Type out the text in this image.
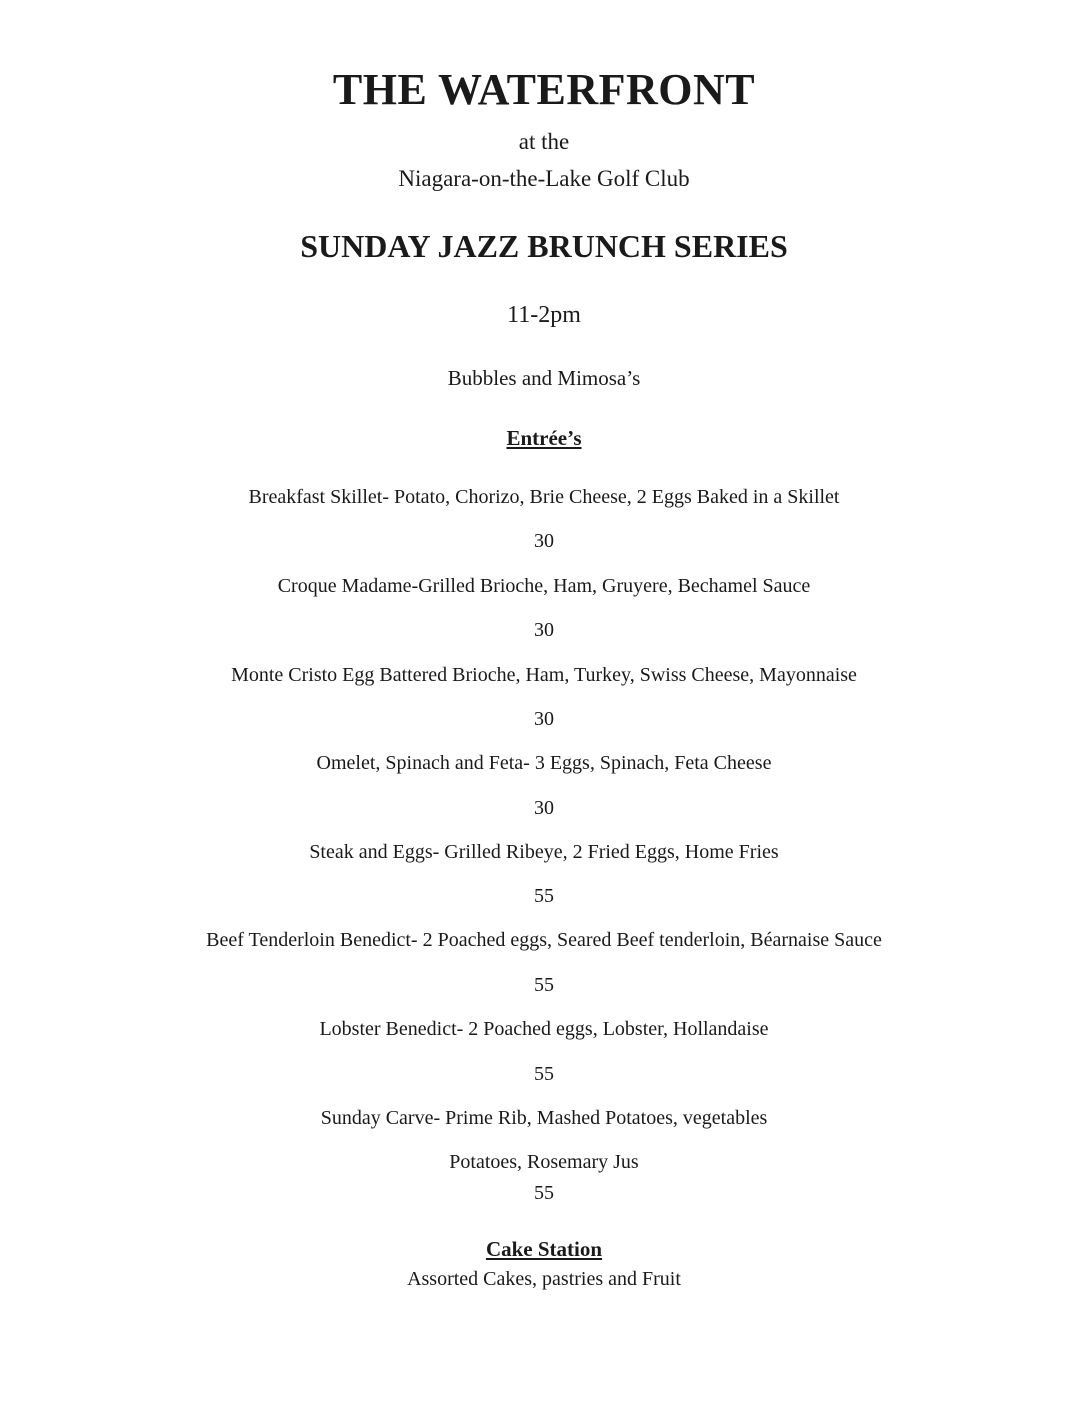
THE WATERFRONT
at the
Niagara-on-the-Lake Golf Club
SUNDAY JAZZ BRUNCH SERIES
11-2pm
Bubbles and Mimosa’s
Entrée’s
Breakfast Skillet- Potato, Chorizo, Brie Cheese, 2 Eggs Baked in a Skillet
30
Croque Madame-Grilled Brioche, Ham, Gruyere, Bechamel Sauce
30
Monte Cristo Egg Battered Brioche, Ham, Turkey, Swiss Cheese, Mayonnaise
30
Omelet, Spinach and Feta- 3 Eggs, Spinach, Feta Cheese
30
Steak and Eggs- Grilled Ribeye, 2 Fried Eggs, Home Fries
55
Beef Tenderloin Benedict- 2 Poached eggs, Seared Beef tenderloin, Béarnaise Sauce
55
Lobster Benedict- 2 Poached eggs, Lobster, Hollandaise
55
Sunday Carve- Prime Rib, Mashed Potatoes, vegetables
Potatoes, Rosemary Jus
55
Cake Station
Assorted Cakes, pastries and Fruit
